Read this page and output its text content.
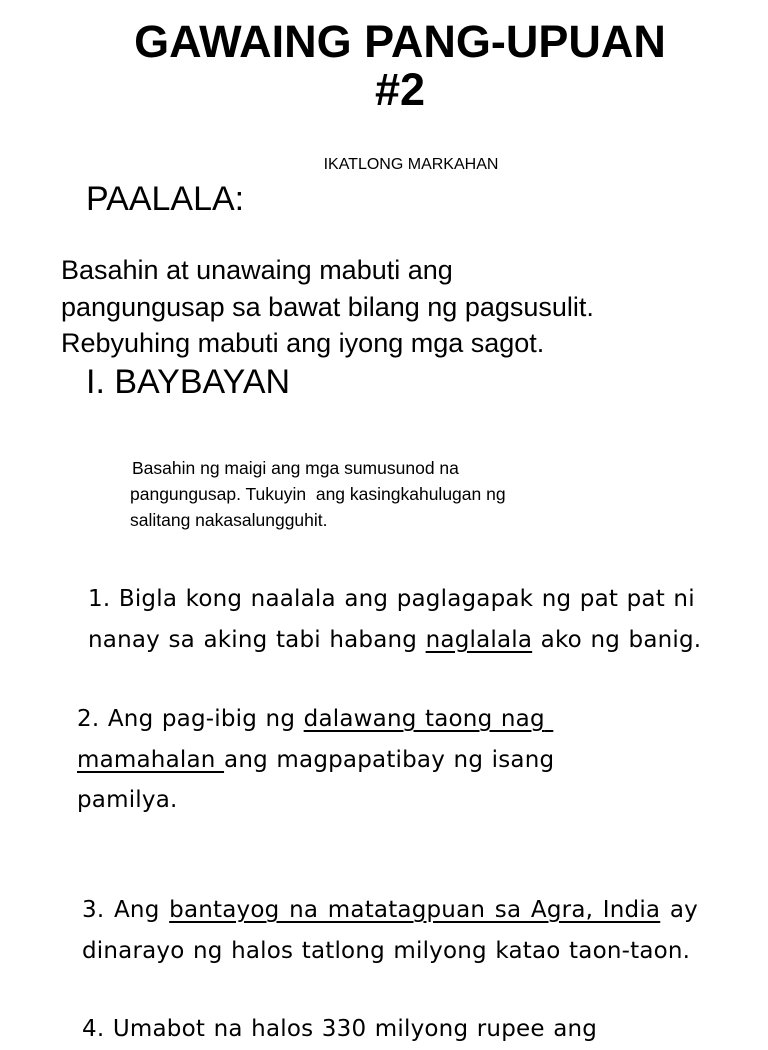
GAWAING PANG-UPUAN
#2
IKATLONG MARKAHAN
PAALALA:
Basahin at unawaing mabuti ang
pangungusap sa bawat bilang ng pagsusulit.
Rebyuhing mabuti ang iyong mga sagot.
I. BAYBAYAN
Basahin ng maigi ang mga sumusunod na
pangungusap. Tukuyin  ang kasingkahulugan ng
salitang nakasalungguhit.
1. Bigla kong naalala ang paglagapak ng pat pat ni nanay sa aking tabi habang naglalala ako ng banig.
2. Ang pag-ibig ng dalawang taong nag mamahalan ang magpapatibay ng isang pamilya.
3. Ang bantayog na matatagpuan sa Agra, India ay dinarayo ng halos tatlong milyong katao taon-taon.
4. Umabot na halos 330 milyong rupee ang
